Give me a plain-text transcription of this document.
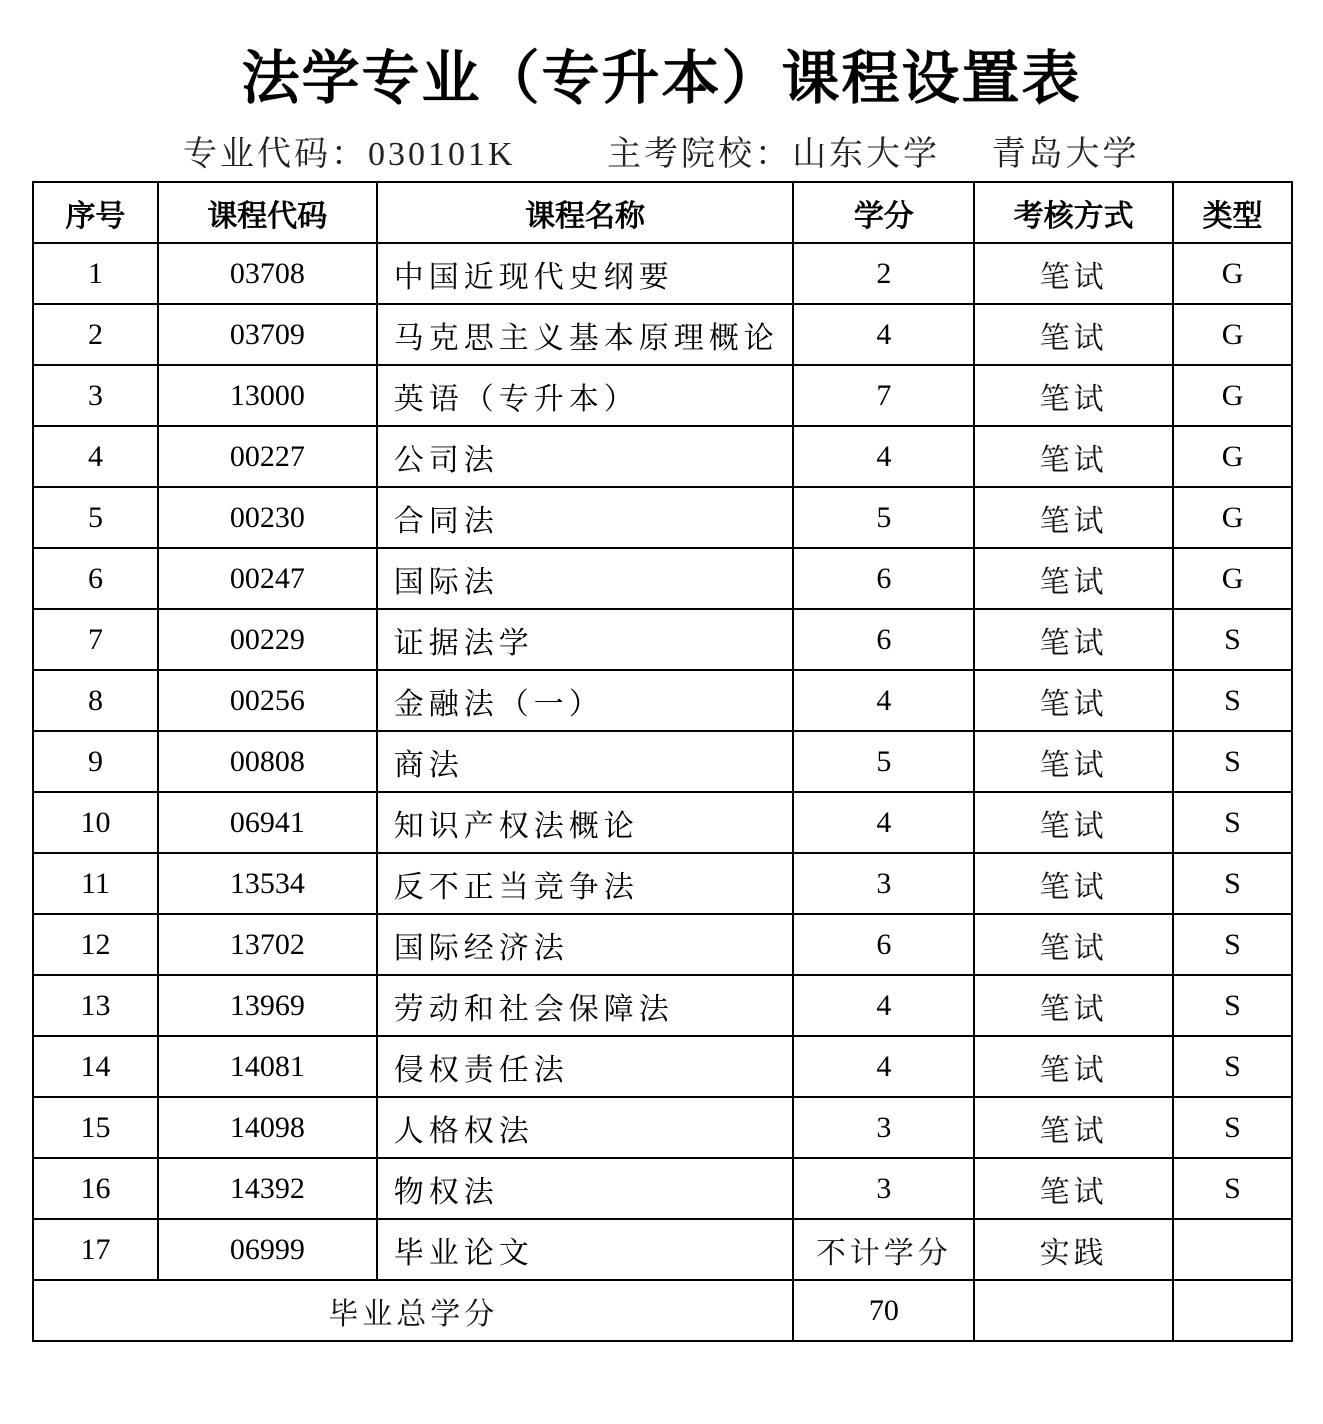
法学专业（专升本）课程设置表
专业代码：030101K	主考院校：山东大学 青岛大学
序号	课程代码	课程名称	学分	考核方式	类型
1	03708	中国近现代史纲要	2	笔试	G
2	03709	马克思主义基本原理概论	4	笔试	G
3	13000	英语（专升本）	7	笔试	G
4	00227	公司法	4	笔试	G
5	00230	合同法	5	笔试	G
6	00247	国际法	6	笔试	G
7	00229	证据法学	6	笔试	S
8	00256	金融法（一）	4	笔试	S
9	00808	商法	5	笔试	S
10	06941	知识产权法概论	4	笔试	S
11	13534	反不正当竞争法	3	笔试	S
12	13702	国际经济法	6	笔试	S
13	13969	劳动和社会保障法	4	笔试	S
14	14081	侵权责任法	4	笔试	S
15	14098	人格权法	3	笔试	S
16	14392	物权法	3	笔试	S
17	06999	毕业论文	不计学分	实践	
毕业总学分			70		
